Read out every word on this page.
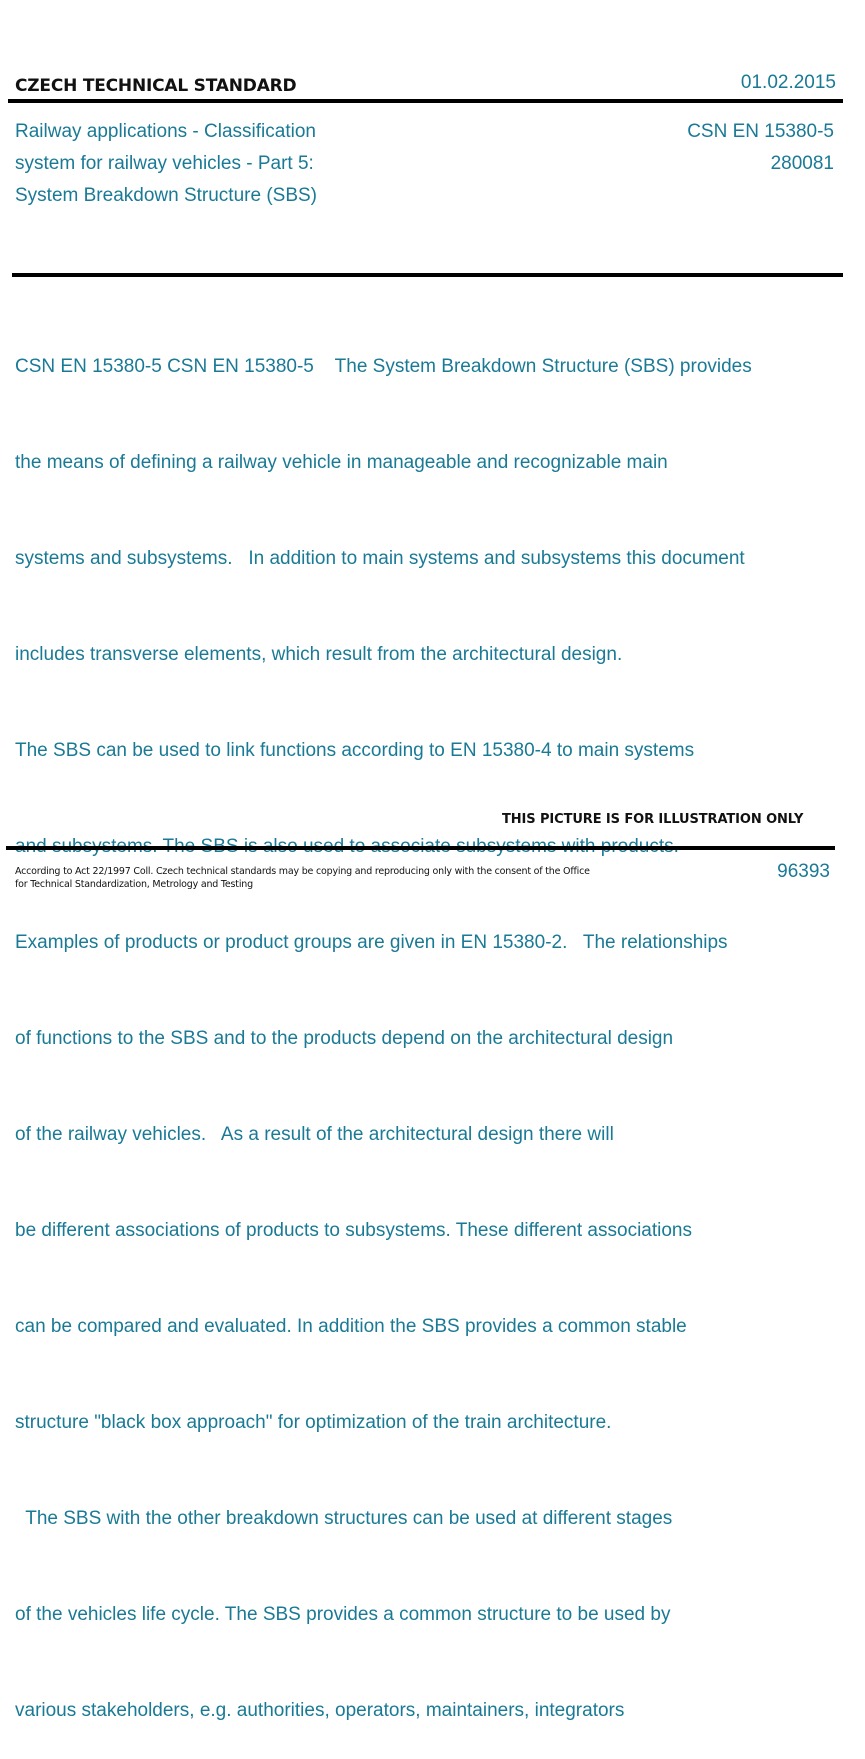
CZECH TECHNICAL STANDARD	01.02.2015
Railway applications - Classification
system for railway vehicles - Part 5:
System Breakdown Structure (SBS)
CSN EN 15380-5
280081

CSN EN 15380-5 CSN EN 15380-5    The System Breakdown Structure (SBS) provides

the means of defining a railway vehicle in manageable and recognizable main

systems and subsystems.   In addition to main systems and subsystems this document

includes transverse elements, which result from the architectural design.

The SBS can be used to link functions according to EN 15380-4 to main systems

Examples of products or product groups are given in EN 15380-2.   The relationships

of functions to the SBS and to the products depend on the architectural design

of the railway vehicles.   As a result of the architectural design there will

be different associations of products to subsystems. These different associations

can be compared and evaluated. In addition the SBS provides a common stable

structure "black box approach" for optimization of the train architecture.

The SBS with the other breakdown structures can be used at different stages

of the vehicles life cycle. The SBS provides a common structure to be used by

various stakeholders, e.g. authorities, operators, maintainers, integrators

THIS PICTURE IS FOR ILLUSTRATION ONLY
According to Act 22/1997 Coll. Czech technical standards may be copying and reproducing only with the consent of the Office
for Technical Standardization, Metrology and Testing
96393
